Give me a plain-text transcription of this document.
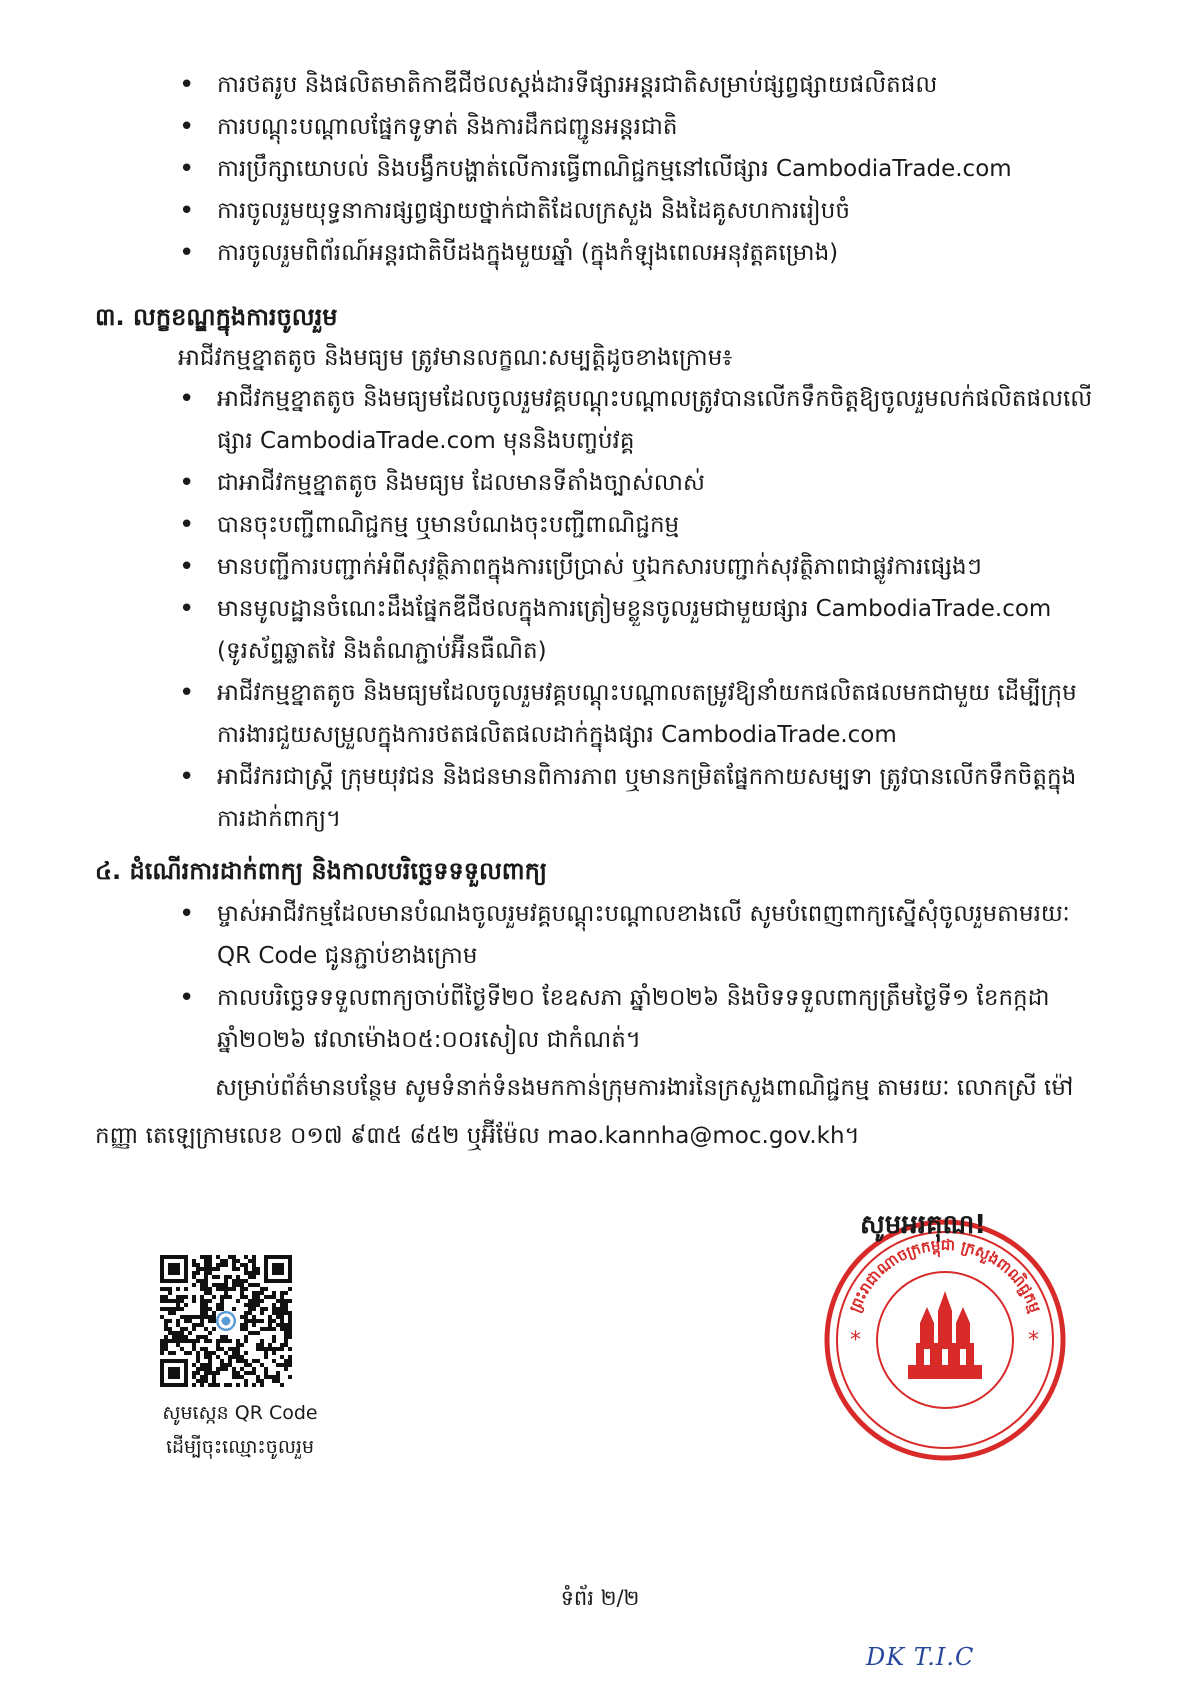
• ការថតរូប និងផលិតមាតិកាឌីជីថលស្តង់ដារទីផ្សារអន្តរជាតិសម្រាប់ផ្សព្វផ្សាយផលិតផល
• ការបណ្តុះបណ្តាលផ្នែកទូទាត់ និងការដឹកជញ្ជូនអន្តរជាតិ
• ការប្រឹក្សាយោបល់ និងបង្វឹកបង្ហាត់លើការធ្វើពាណិជ្ជកម្មនៅលើផ្សារ CambodiaTrade.com
• ការចូលរួមយុទ្ធនាការផ្សព្វផ្សាយថ្នាក់ជាតិដែលក្រសួង និងដៃគូសហការរៀបចំ
• ការចូលរួមពិព័រណ៍អន្តរជាតិបីដងក្នុងមួយឆ្នាំ (ក្នុងកំឡុងពេលអនុវត្តគម្រោង)
៣. លក្ខខណ្ឌក្នុងការចូលរួម
អាជីវកម្មខ្នាតតូច និងមធ្យម ត្រូវមានលក្ខណៈសម្បត្តិដូចខាងក្រោម៖
• អាជីវកម្មខ្នាតតូច និងមធ្យមដែលចូលរួមវគ្គបណ្តុះបណ្តាលត្រូវបានលើកទឹកចិត្តឱ្យចូលរួមលក់ផលិតផលលើផ្សារ CambodiaTrade.com មុននិងបញ្ចប់វគ្គ
• ជាអាជីវកម្មខ្នាតតូច និងមធ្យម ដែលមានទីតាំងច្បាស់លាស់
• បានចុះបញ្ជីពាណិជ្ជកម្ម ឬមានបំណងចុះបញ្ជីពាណិជ្ជកម្ម
• មានបញ្ជីការបញ្ជាក់អំពីសុវត្ថិភាពក្នុងការប្រើប្រាស់ ឬឯកសារបញ្ជាក់សុវត្ថិភាពជាផ្លូវការផ្សេងៗ
• មានមូលដ្ឋានចំណេះដឹងផ្នែកឌីជីថលក្នុងការត្រៀមខ្លួនចូលរួមជាមួយផ្សារ CambodiaTrade.com (ទូរស័ព្ទឆ្លាតវៃ និងតំណភ្ជាប់អ៊ីនធឺណិត)
• អាជីវកម្មខ្នាតតូច និងមធ្យមដែលចូលរួមវគ្គបណ្តុះបណ្តាលតម្រូវឱ្យនាំយកផលិតផលមកជាមួយ ដើម្បីក្រុមការងារជួយសម្រួលក្នុងការថតផលិតផលដាក់ក្នុងផ្សារ CambodiaTrade.com
• អាជីវករជាស្ត្រី ក្រុមយុវជន និងជនមានពិការភាព ឬមានកម្រិតផ្នែកកាយសម្បទា ត្រូវបានលើកទឹកចិត្តក្នុងការដាក់ពាក្យ។
៤. ដំណើរការដាក់ពាក្យ និងកាលបរិច្ឆេទទទួលពាក្យ
• ម្ចាស់អាជីវកម្មដែលមានបំណងចូលរួមវគ្គបណ្តុះបណ្តាលខាងលើ សូមបំពេញពាក្យស្នើសុំចូលរួមតាមរយៈ QR Code ជូនភ្ជាប់ខាងក្រោម
• កាលបរិច្ឆេទទទួលពាក្យចាប់ពីថ្ងៃទី២០ ខែឧសភា ឆ្នាំ២០២៦ និងបិទទទួលពាក្យត្រឹមថ្ងៃទី១ ខែកក្កដា ឆ្នាំ២០២៦ វេលាម៉ោង០៥:០០រសៀល ជាកំណត់។

សម្រាប់ព័ត៌មានបន្ថែម សូមទំនាក់ទំនងមកកាន់ក្រុមការងារនៃក្រសួងពាណិជ្ជកម្ម តាមរយៈ លោកស្រី ម៉ៅ កញ្ញា តេឡេក្រាមលេខ ០១៧ ៩៣៥ ៨៥២ ឬអ៊ីម៉ែល mao.kannha@moc.gov.kh។

សូមស្កេន QR Code
ដើម្បីចុះឈ្មោះចូលរួម
ព្រះរាជាណាចក្រកម្ពុជា ក្រសួងពាណិជ្ជកម្ម
*	*
សូមអរគុណ!
ទំព័រ ២/២
DK T.I.C
